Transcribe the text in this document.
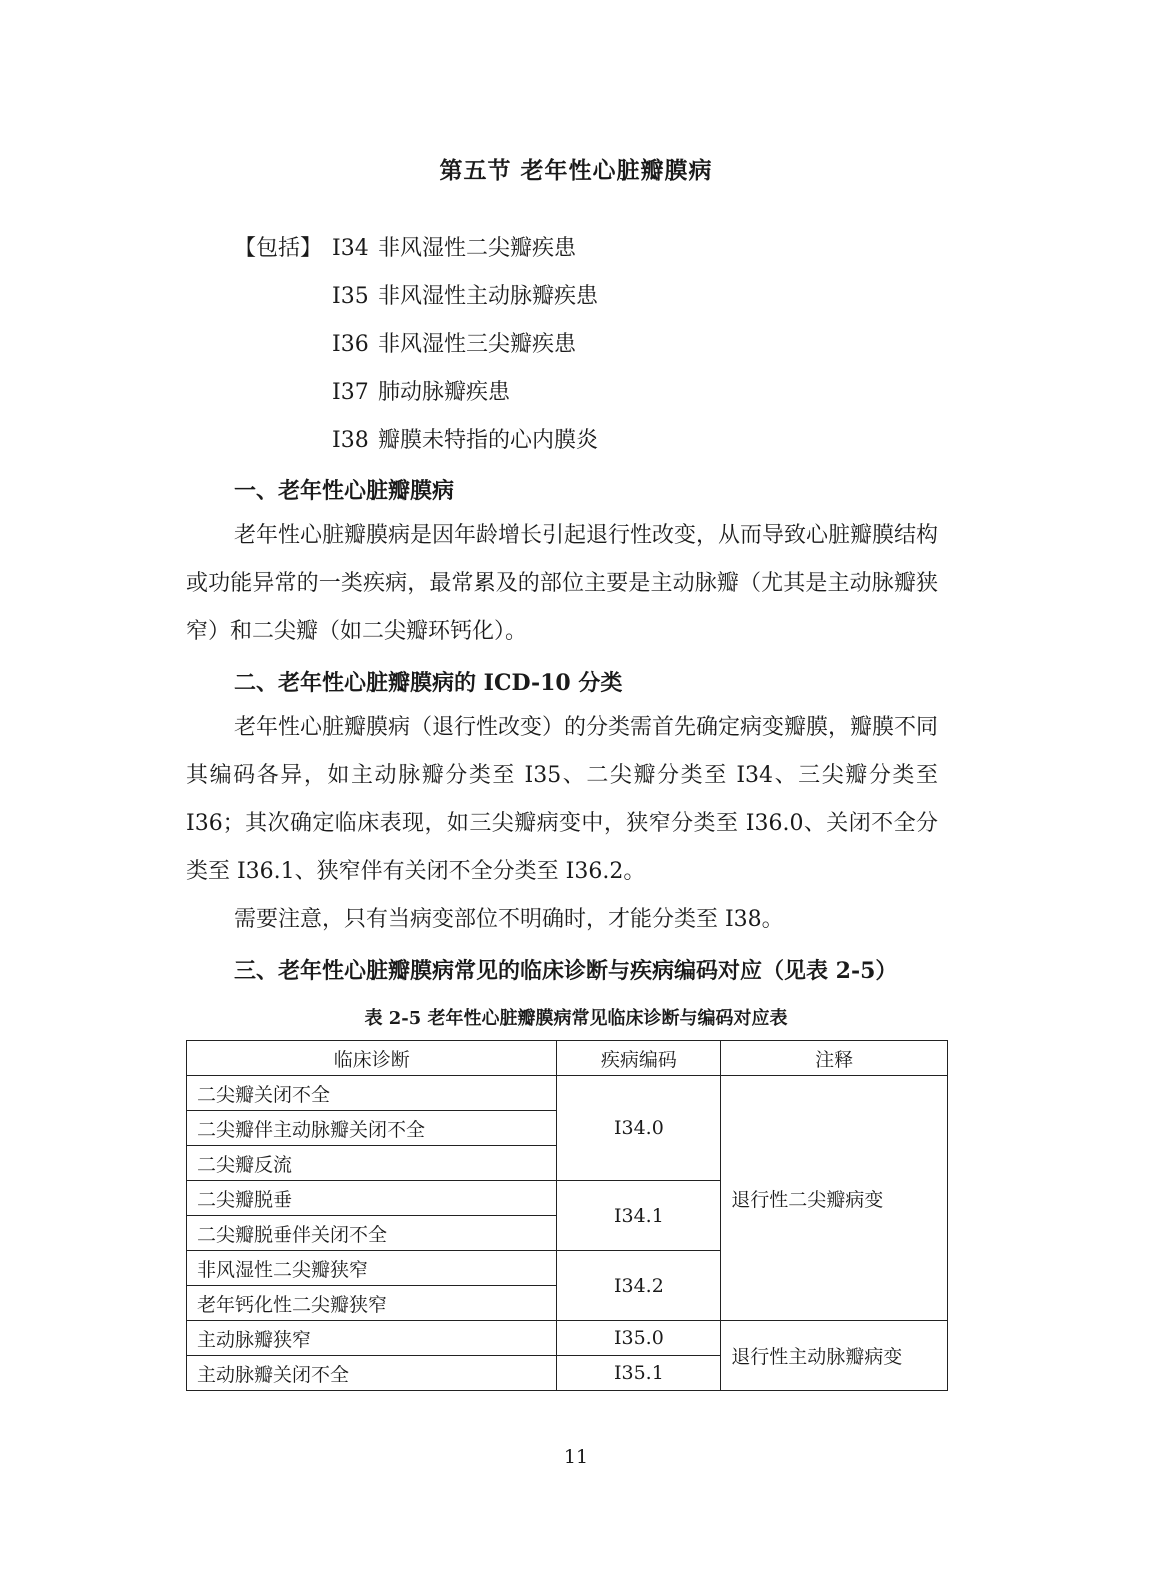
第五节 老年性心脏瓣膜病
【包括】 I34 非风湿性二尖瓣疾患
I35 非风湿性主动脉瓣疾患
I36 非风湿性三尖瓣疾患
I37 肺动脉瓣疾患
I38 瓣膜未特指的心内膜炎
一、老年性心脏瓣膜病

老年性心脏瓣膜病是因年龄增长引起退行性改变，从而导致心脏瓣膜结构或功能异常的一类疾病，最常累及的部位主要是主动脉瓣（尤其是主动脉瓣狭窄）和二尖瓣（如二尖瓣环钙化）。

二、老年性心脏瓣膜病的 ICD-10 分类

老年性心脏瓣膜病（退行性改变）的分类需首先确定病变瓣膜，瓣膜不同其编码各异，如主动脉瓣分类至 I35、二尖瓣分类至 I34、三尖瓣分类至 I36；其次确定临床表现，如三尖瓣病变中，狭窄分类至 I36.0、关闭不全分类至 I36.1、狭窄伴有关闭不全分类至 I36.2。

需要注意，只有当病变部位不明确时，才能分类至 I38。

三、老年性心脏瓣膜病常见的临床诊断与疾病编码对应（见表 2-5）
表 2-5 老年性心脏瓣膜病常见临床诊断与编码对应表
临床诊断	疾病编码	注释
二尖瓣关闭不全	I34.0	退行性二尖瓣病变
二尖瓣伴主动脉瓣关闭不全		
二尖瓣反流		
二尖瓣脱垂	I34.1	
二尖瓣脱垂伴关闭不全		
非风湿性二尖瓣狭窄	I34.2	
老年钙化性二尖瓣狭窄		
主动脉瓣狭窄	I35.0	退行性主动脉瓣病变
主动脉瓣关闭不全	I35.1	
11
